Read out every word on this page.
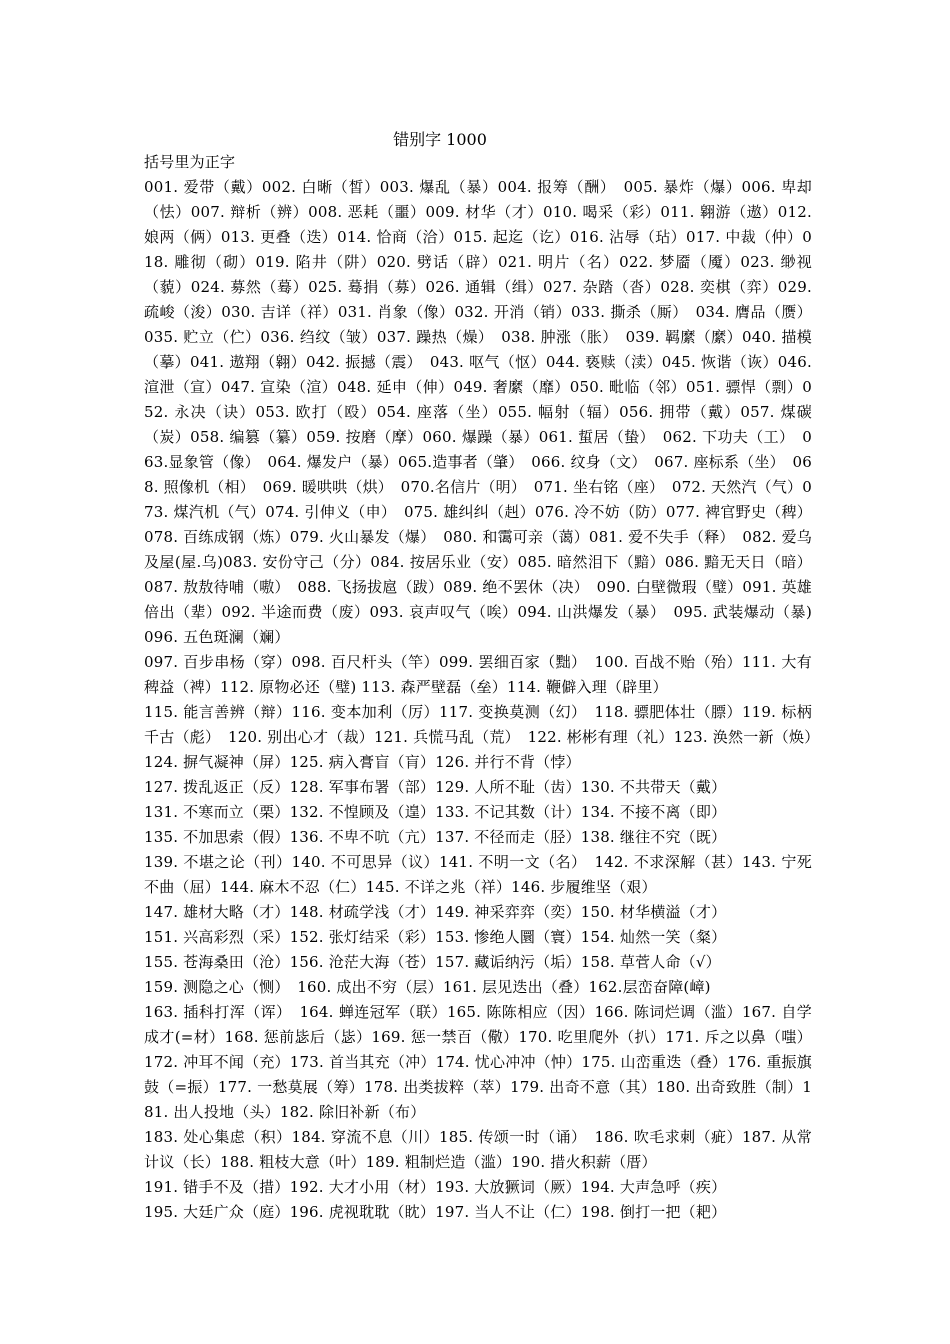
错别字 1000

括号里为正字

001. 爱带（戴）002. 白晰（皙）003. 爆乱（暴）004. 报筹（酬）　005. 暴炸（爆）006. 卑却（怯）007. 辩析（辨）008. 恶耗（噩）009. 材华（才）010. 喝采（彩）011. 翱游（遨）012. 娘两（俩）013. 更叠（迭）014. 恰商（洽）015. 起迄（讫）016. 沾辱（玷）017. 中裁（仲）018. 雕彻（砌）019. 陷井（阱）020. 劈话（辟）021. 明片（名）022. 梦靥（魇）023. 缈视（藐）024. 募然（蓦）025. 蓦捐（募）026. 通辑（缉）027. 杂踏（沓）028. 奕棋（弈）029. 疏峻（浚）030. 吉详（祥）031. 肖象（像）032. 开消（销）033. 撕杀（厮）　034. 膺品（赝）035. 贮立（伫）036. 绉纹（皱）037. 躁热（燥）　038. 肿涨（胀）　039. 羁縻（縻）040. 描模（摹）041. 遨翔（翱）042. 振撼（震）　043. 呕气（怄）044. 亵赎（渎）045. 恢谐（诙）046. 渲泄（宣）047. 宣染（渲）048. 延申（伸）049. 奢縻（靡）050. 毗临（邻）051. 骠悍（剽）052. 永决（诀）053. 欧打（殴）054. 座落（坐）055. 幅射（辐）056. 拥带（戴）057. 煤碳（炭）058. 编篡（纂）059. 按磨（摩）060. 爆躁（暴）061. 蜇居（蛰）　062. 下功夫（工）　063.显象管（像）　064. 爆发户（暴）065.造事者（肇）　066. 纹身（文）　067. 座标系（坐）　068. 照像机（相）　069. 暖哄哄（烘）　070.名信片（明）　071. 坐右铭（座）　072. 天然汽（气）073. 煤汽机（气）074. 引伸义（申）　075. 雄纠纠（赳）076. 冷不妨（防）077. 裨官野史（稗）078. 百练成钢（炼）079. 火山暴发（爆）　080. 和霭可亲（蔼）081. 爱不失手（释）　082. 爱乌及屋(屋.乌)083. 安份守己（分）084. 按居乐业（安）085. 暗然泪下（黯）086. 黯无天日（暗）087. 敖敖待哺（嗷）　088. 飞扬拔扈（跋）089. 绝不罢休（决）　090. 白壁微瑕（璧）091. 英雄倍出（辈）092. 半途而费（废）093. 哀声叹气（唉）094. 山洪爆发（暴）　095. 武装爆动（暴)　096. 五色斑澜（斓）

097. 百步串杨（穿）098. 百尺杆头（竿）099. 罢细百家（黜）　100. 百战不贻（殆）111. 大有稗益（裨）112. 原物必还（璧) 113. 森严壁磊（垒）114. 鞭僻入理（辟里）

115. 能言善辨（辩）116. 变本加利（厉）117. 变换莫测（幻）　118. 骠肥体壮（膘）119. 标柄千古（彪）　120. 别出心才（裁）121. 兵慌马乱（荒）　122. 彬彬有理（礼）123. 涣然一新（焕）124. 摒气凝神（屏）125. 病入膏盲（肓）126. 并行不背（悖）

127. 拨乱返正（反）128. 军事布署（部）129. 人所不耻（齿）130. 不共带天（戴）

131. 不寒而立（栗）132. 不惶顾及（遑）133. 不记其数（计）134. 不接不离（即）

135. 不加思索（假）136. 不卑不吭（亢）137. 不径而走（胫）138. 继往不究（既）

139. 不堪之论（刊）140. 不可思异（议）141. 不明一文（名）　142. 不求深解（甚）143. 宁死不曲（屈）144. 麻木不忍（仁）145. 不详之兆（祥）146. 步履维坚（艰）

147. 雄材大略（才）148. 材疏学浅（才）149. 神采弈弈（奕）150. 材华横溢（才）

151. 兴高彩烈（采）152. 张灯结采（彩）153. 惨绝人圜（寰）154. 灿然一笑（粲）

155. 苍海桑田（沧）156. 沧茫大海（苍）157. 藏诟纳污（垢）158. 草菅人命（√）

159. 测隐之心（恻）　160. 成出不穷（层）161. 层见迭出（叠）162.层峦奋障(嶂)

163. 插科打浑（诨）　164. 蝉连冠军（联）165. 陈陈相应（因）166. 陈词烂调（滥）167. 自学成才(=材）168. 惩前毖后（毖）169. 惩一禁百（儆）170. 吃里爬外（扒）171. 斥之以鼻（嗤）172. 冲耳不闻（充）173. 首当其充（冲）174. 忧心冲冲（忡）175. 山峦重迭（叠）176. 重振旗鼓（=振）177. 一愁莫展（筹）178. 出类拔粹（萃）179. 出奇不意（其）180. 出奇致胜（制）181. 出人投地（头）182. 除旧补新（布）

183. 处心集虑（积）184. 穿流不息（川）185. 传颂一时（诵）　186. 吹毛求刺（疵）187. 从常计议（长）188. 粗枝大意（叶）189. 粗制烂造（滥）190. 措火积薪（厝）

191. 错手不及（措）192. 大才小用（材）193. 大放獗词（厥）194. 大声急呼（疾）

195. 大廷广众（庭）196. 虎视耽耽（眈）197. 当人不让（仁）198. 倒打一把（耙）
